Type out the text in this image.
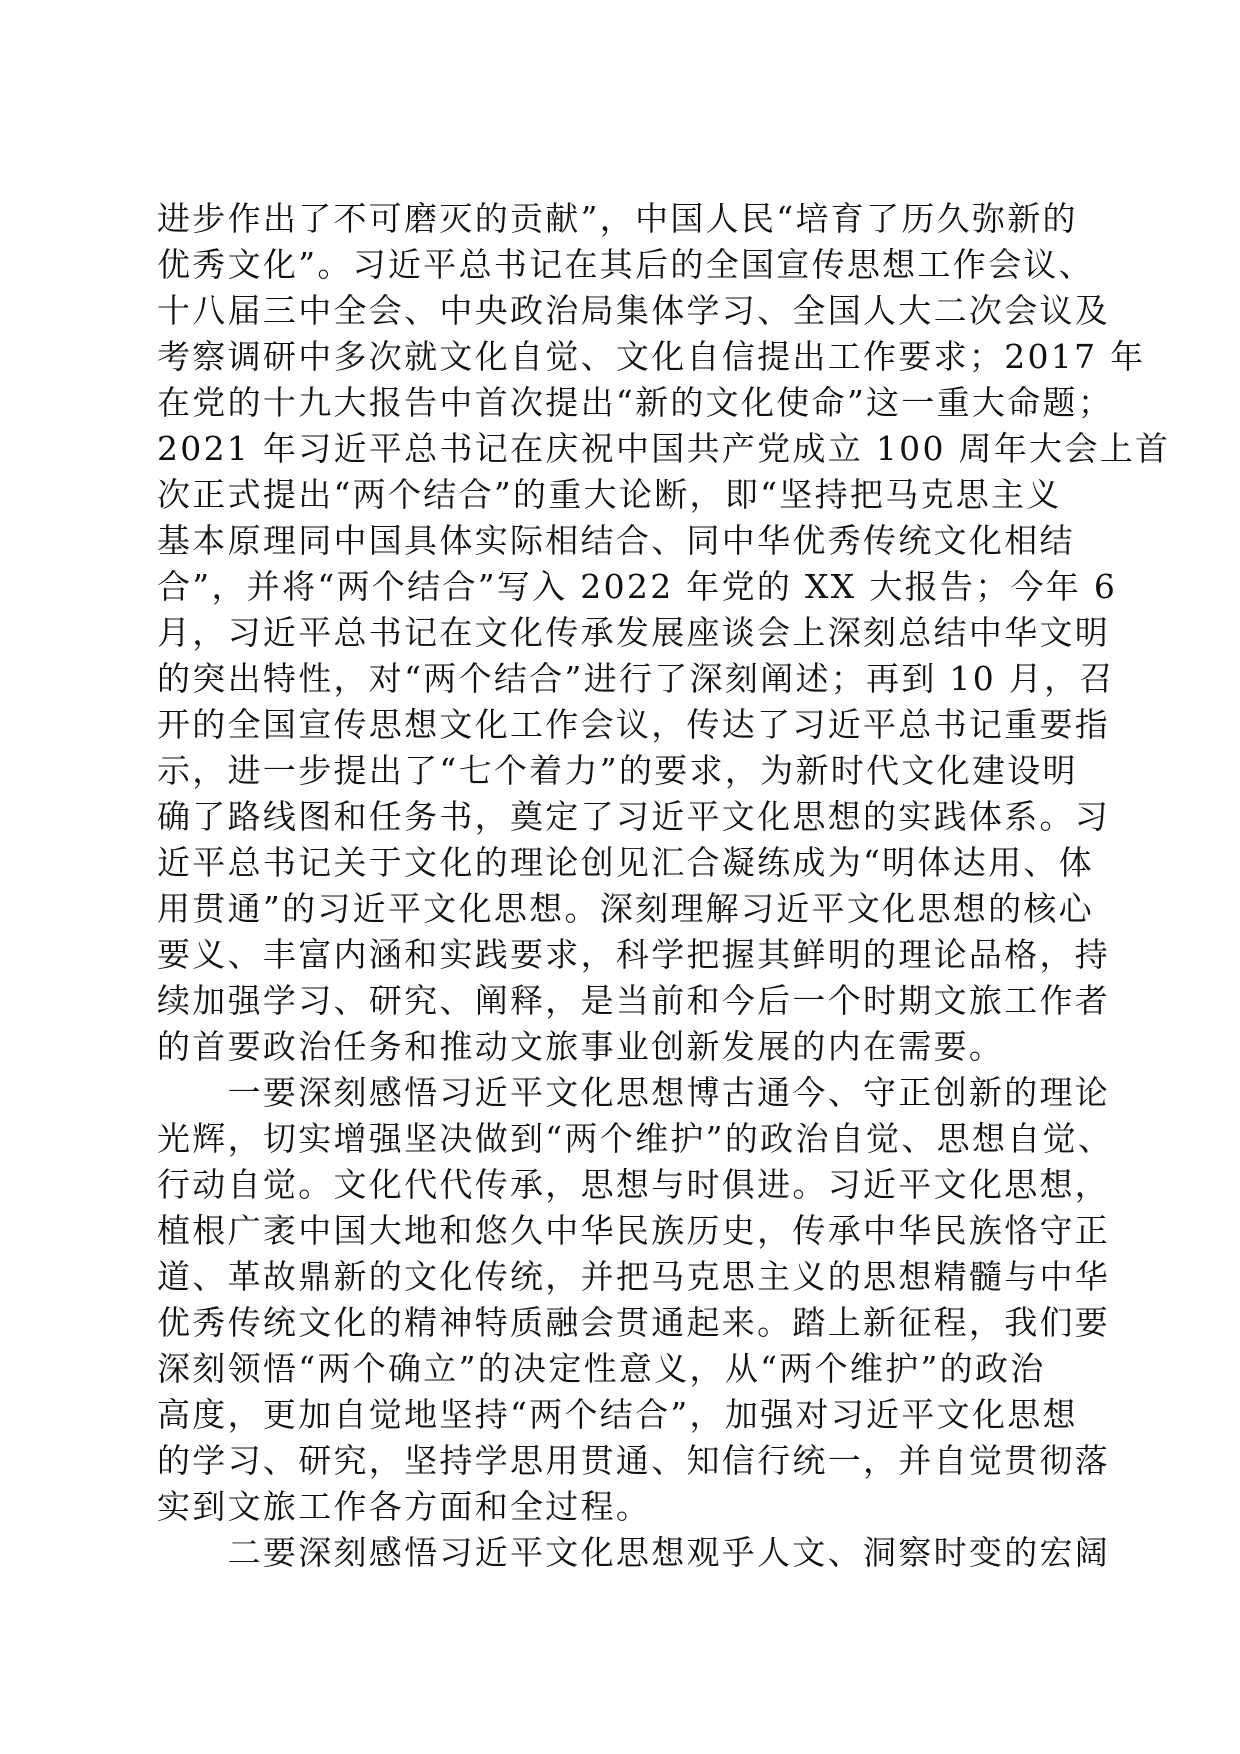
进步作出了不可磨灭的贡献”，中国人民“培育了历久弥新的
优秀文化”。习近平总书记在其后的全国宣传思想工作会议、
十八届三中全会、中央政治局集体学习、全国人大二次会议及
考察调研中多次就文化自觉、文化自信提出工作要求；2017 年
在党的十九大报告中首次提出“新的文化使命”这一重大命题；
2021 年习近平总书记在庆祝中国共产党成立 100 周年大会上首
次正式提出“两个结合”的重大论断，即“坚持把马克思主义
基本原理同中国具体实际相结合、同中华优秀传统文化相结
合”，并将“两个结合”写入 2022 年党的 XX 大报告；今年 6
月，习近平总书记在文化传承发展座谈会上深刻总结中华文明
的突出特性，对“两个结合”进行了深刻阐述；再到 10 月，召
开的全国宣传思想文化工作会议，传达了习近平总书记重要指
示，进一步提出了“七个着力”的要求，为新时代文化建设明
确了路线图和任务书，奠定了习近平文化思想的实践体系。习
近平总书记关于文化的理论创见汇合凝练成为“明体达用、体
用贯通”的习近平文化思想。深刻理解习近平文化思想的核心
要义、丰富内涵和实践要求，科学把握其鲜明的理论品格，持
续加强学习、研究、阐释，是当前和今后一个时期文旅工作者
的首要政治任务和推动文旅事业创新发展的内在需要。
　　一要深刻感悟习近平文化思想博古通今、守正创新的理论
光辉，切实增强坚决做到“两个维护”的政治自觉、思想自觉、
行动自觉。文化代代传承，思想与时俱进。习近平文化思想，
植根广袤中国大地和悠久中华民族历史，传承中华民族恪守正
道、革故鼎新的文化传统，并把马克思主义的思想精髓与中华
优秀传统文化的精神特质融会贯通起来。踏上新征程，我们要
深刻领悟“两个确立”的决定性意义，从“两个维护”的政治
高度，更加自觉地坚持“两个结合”，加强对习近平文化思想
的学习、研究，坚持学思用贯通、知信行统一，并自觉贯彻落
实到文旅工作各方面和全过程。
　　二要深刻感悟习近平文化思想观乎人文、洞察时变的宏阔
